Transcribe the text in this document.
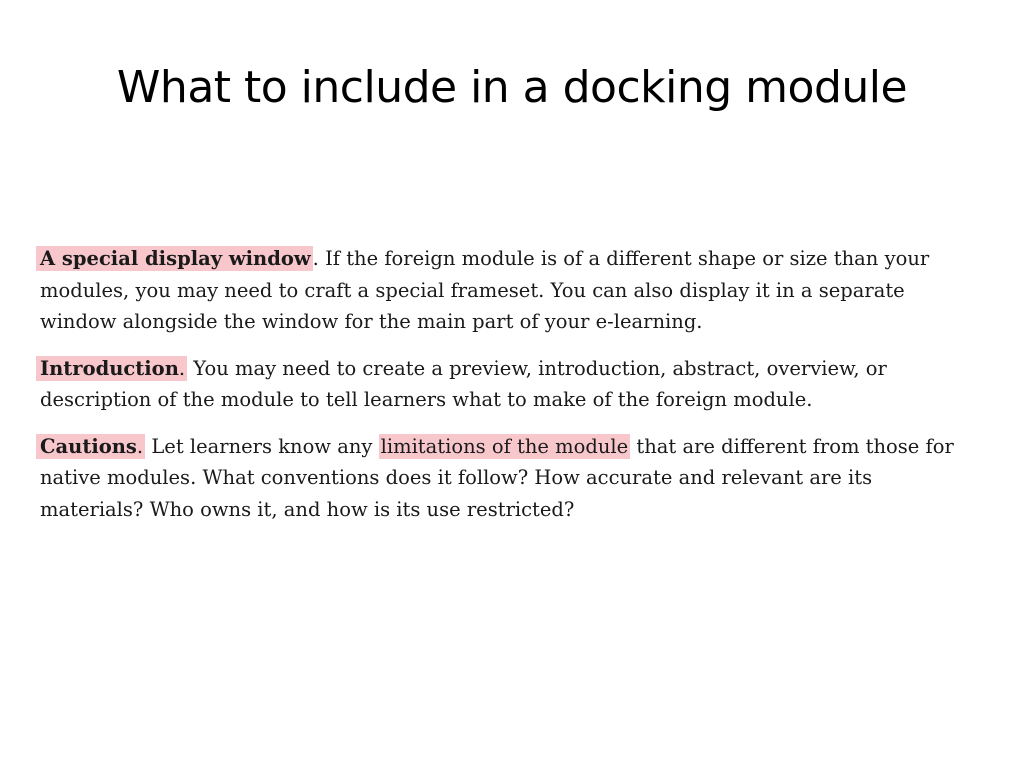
What to include in a docking module

A special display window . If the foreign module is of a different shape or size than your modules, you may need to craft a special frameset. You can also display it in a separate window alongside the window for the main part of your e-learning.

Introduction. You may need to create a preview, introduction, abstract, overview, or description of the module to tell learners what to make of the foreign module.

Cautions. Let learners know any limitations of the module that are different from those for native modules. What conventions does it follow? How accurate and relevant are its materials? Who owns it, and how is its use restricted?
